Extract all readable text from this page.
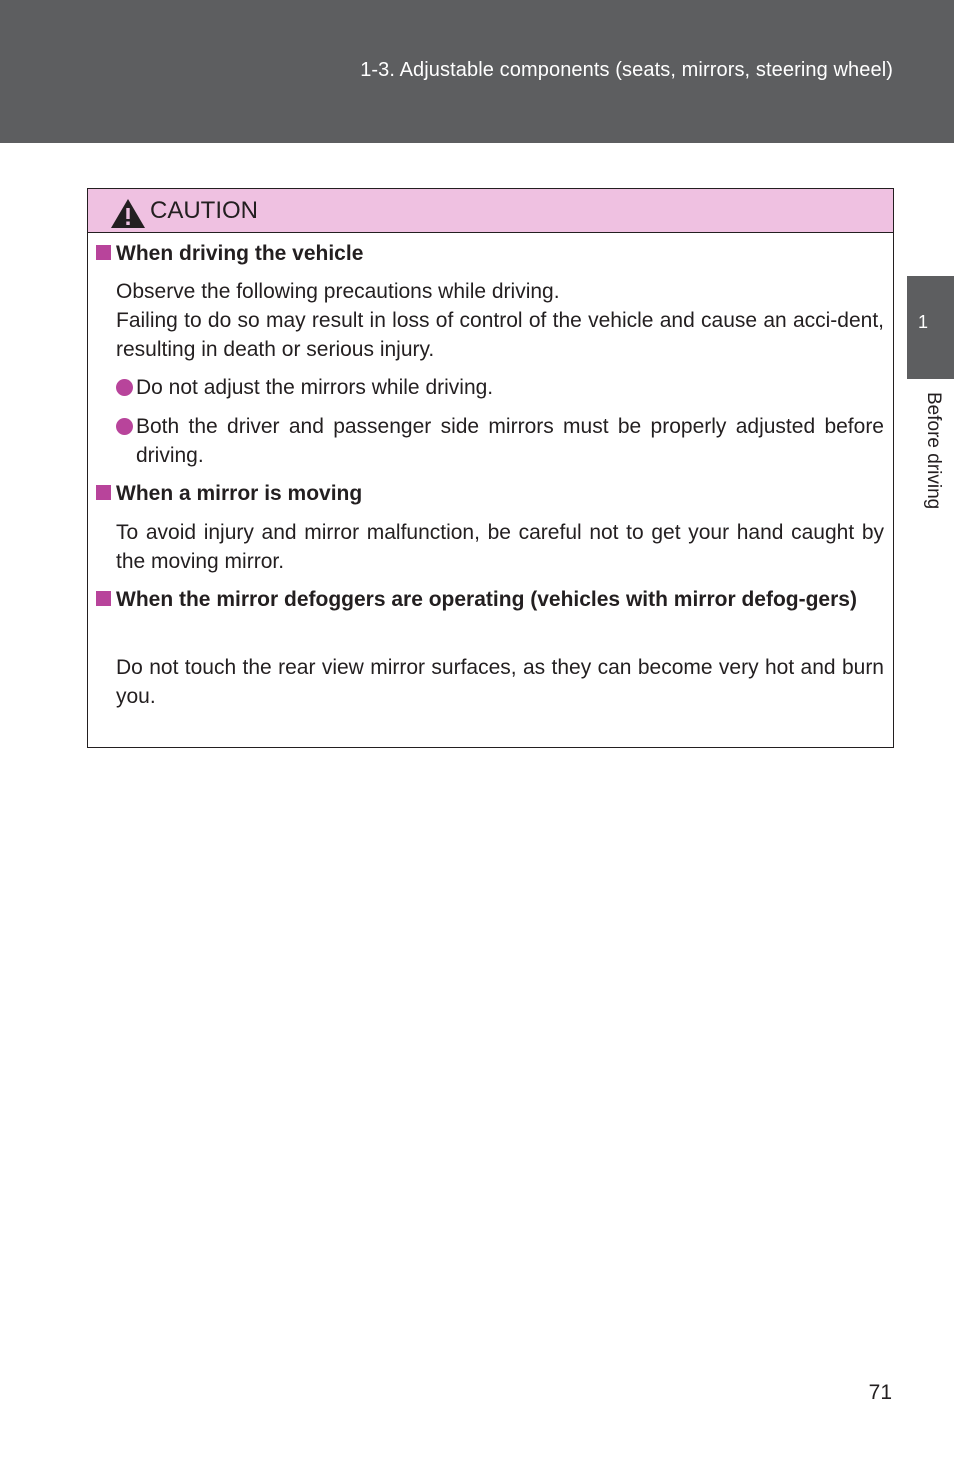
1-3. Adjustable components (seats, mirrors, steering wheel)
1
Before driving
CAUTION
When driving the vehicle
Observe the following precautions while driving.
Failing to do so may result in loss of control of the vehicle and cause an acci-dent, resulting in death or serious injury.
Do not adjust the mirrors while driving.
Both the driver and passenger side mirrors must be properly adjusted before driving.
When a mirror is moving
To avoid injury and mirror malfunction, be careful not to get your hand caught by the moving mirror.
When the mirror defoggers are operating (vehicles with mirror defog-gers)
Do not touch the rear view mirror surfaces, as they can become very hot and burn you.
71
